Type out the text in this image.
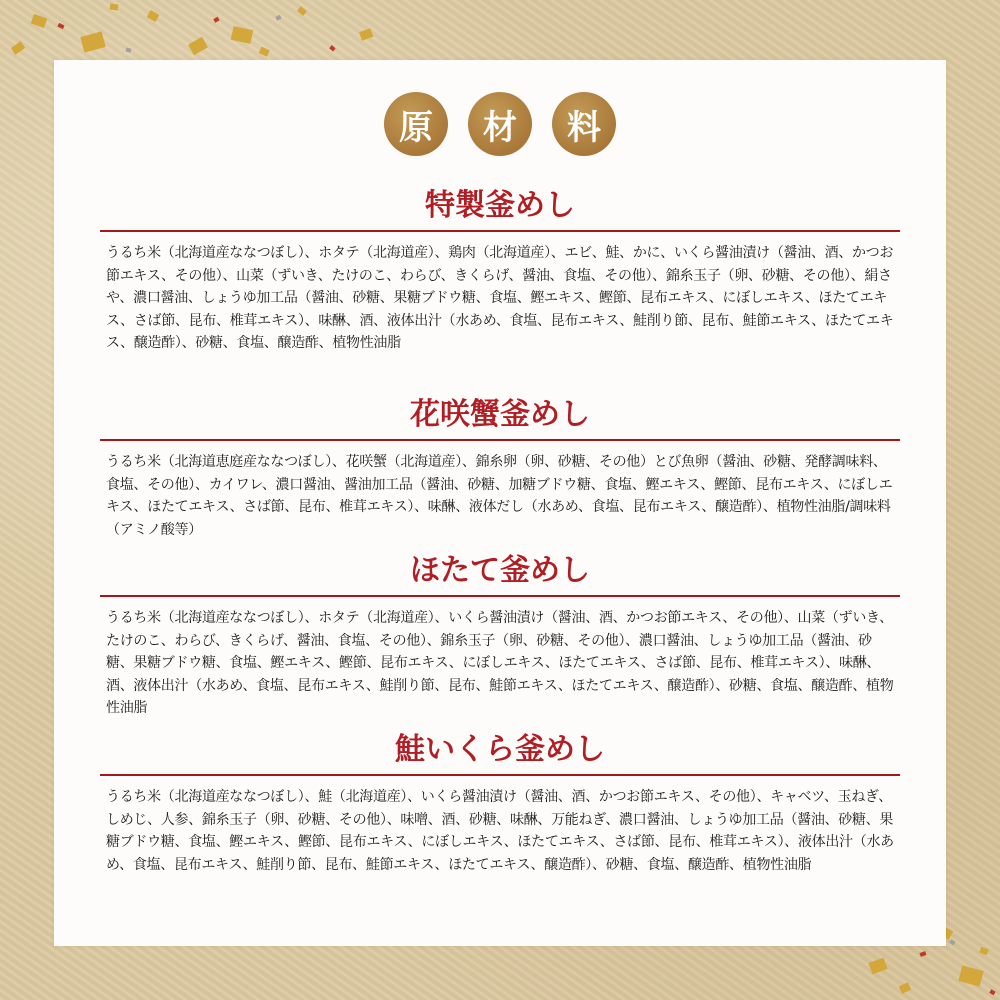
原	材	料
特製釜めし
うるち米（北海道産ななつぼし）、ホタテ（北海道産）、鶏肉（北海道産）、エビ、鮭、かに、いくら醤油漬け（醤油、酒、かつお節エキス、その他）、山菜（ずいき、たけのこ、わらび、きくらげ、醤油、食塩、その他）、錦糸玉子（卵、砂糖、その他）、絹さや、濃口醤油、しょうゆ加工品（醤油、砂糖、果糖ブドウ糖、食塩、鰹エキス、鰹節、昆布エキス、にぼしエキス、ほたてエキス、さば節、昆布、椎茸エキス）、味醂、酒、液体出汁（水あめ、食塩、昆布エキス、鮭削り節、昆布、鮭節エキス、ほたてエキス、醸造酢）、砂糖、食塩、醸造酢、植物性油脂
花咲蟹釜めし
うるち米（北海道恵庭産ななつぼし）、花咲蟹（北海道産）、錦糸卵（卵、砂糖、その他）とび魚卵（醤油、砂糖、発酵調味料、食塩、その他）、カイワレ、濃口醤油、醤油加工品（醤油、砂糖、加糖ブドウ糖、食塩、鰹エキス、鰹節、昆布エキス、にぼしエキス、ほたてエキス、さば節、昆布、椎茸エキス）、味醂、液体だし（水あめ、食塩、昆布エキス、醸造酢）、植物性油脂/調味料（アミノ酸等）
ほたて釜めし
うるち米（北海道産ななつぼし）、ホタテ（北海道産）、いくら醤油漬け（醤油、酒、かつお節エキス、その他）、山菜（ずいき、たけのこ、わらび、きくらげ、醤油、食塩、その他）、錦糸玉子（卵、砂糖、その他）、濃口醤油、しょうゆ加工品（醤油、砂糖、果糖ブドウ糖、食塩、鰹エキス、鰹節、昆布エキス、にぼしエキス、ほたてエキス、さば節、昆布、椎茸エキス）、味醂、酒、液体出汁（水あめ、食塩、昆布エキス、鮭削り節、昆布、鮭節エキス、ほたてエキス、醸造酢）、砂糖、食塩、醸造酢、植物性油脂
鮭いくら釜めし
うるち米（北海道産ななつぼし）、鮭（北海道産）、いくら醤油漬け（醤油、酒、かつお節エキス、その他）、キャベツ、玉ねぎ、しめじ、人参、錦糸玉子（卵、砂糖、その他）、味噌、酒、砂糖、味醂、万能ねぎ、濃口醤油、しょうゆ加工品（醤油、砂糖、果糖ブドウ糖、食塩、鰹エキス、鰹節、昆布エキス、にぼしエキス、ほたてエキス、さば節、昆布、椎茸エキス）、液体出汁（水あめ、食塩、昆布エキス、鮭削り節、昆布、鮭節エキス、ほたてエキス、醸造酢）、砂糖、食塩、醸造酢、植物性油脂
